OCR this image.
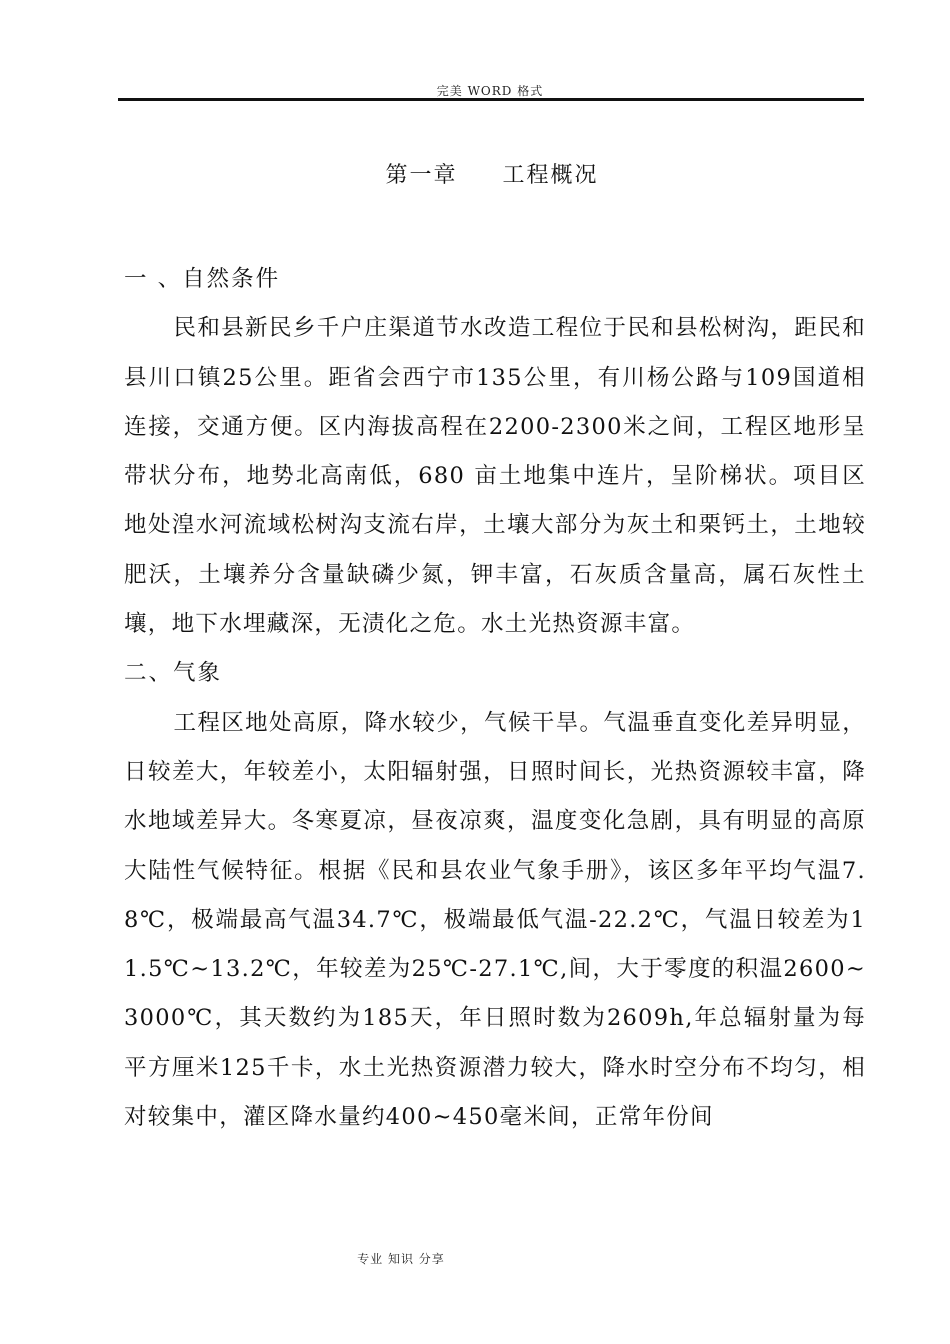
完美 WORD 格式
第一章     工程概况

一 、自然条件

民和县新民乡千户庄渠道节水改造工程位于民和县松树沟，距民和县川口镇25公里。距省会西宁市135公里，有川杨公路与109国道相连接，交通方便。区内海拔高程在2200-2300米之间，工程区地形呈带状分布，地势北高南低，680 亩土地集中连片，呈阶梯状。项目区地处湟水河流域松树沟支流右岸，土壤大部分为灰土和栗钙土，土地较肥沃，土壤养分含量缺磷少氮，钾丰富，石灰质含量高，属石灰性土壤，地下水埋藏深，无渍化之危。水土光热资源丰富。

二、气象

工程区地处高原，降水较少，气候干旱。气温垂直变化差异明显，日较差大，年较差小，太阳辐射强，日照时间长，光热资源较丰富，降水地域差异大。冬寒夏凉，昼夜凉爽，温度变化急剧，具有明显的高原大陆性气候特征。根据《民和县农业气象手册》，该区多年平均气温7.8℃，极端最高气温34.7℃，极端最低气温-22.2℃，气温日较差为11.5℃~13.2℃，年较差为25℃-27.1℃,间，大于零度的积温2600~3000℃，其天数约为185天，年日照时数为2609h,年总辐射量为每平方厘米125千卡，水土光热资源潜力较大，降水时空分布不均匀，相对较集中，灌区降水量约400~450毫米间，正常年份间

专业 知识 分享
